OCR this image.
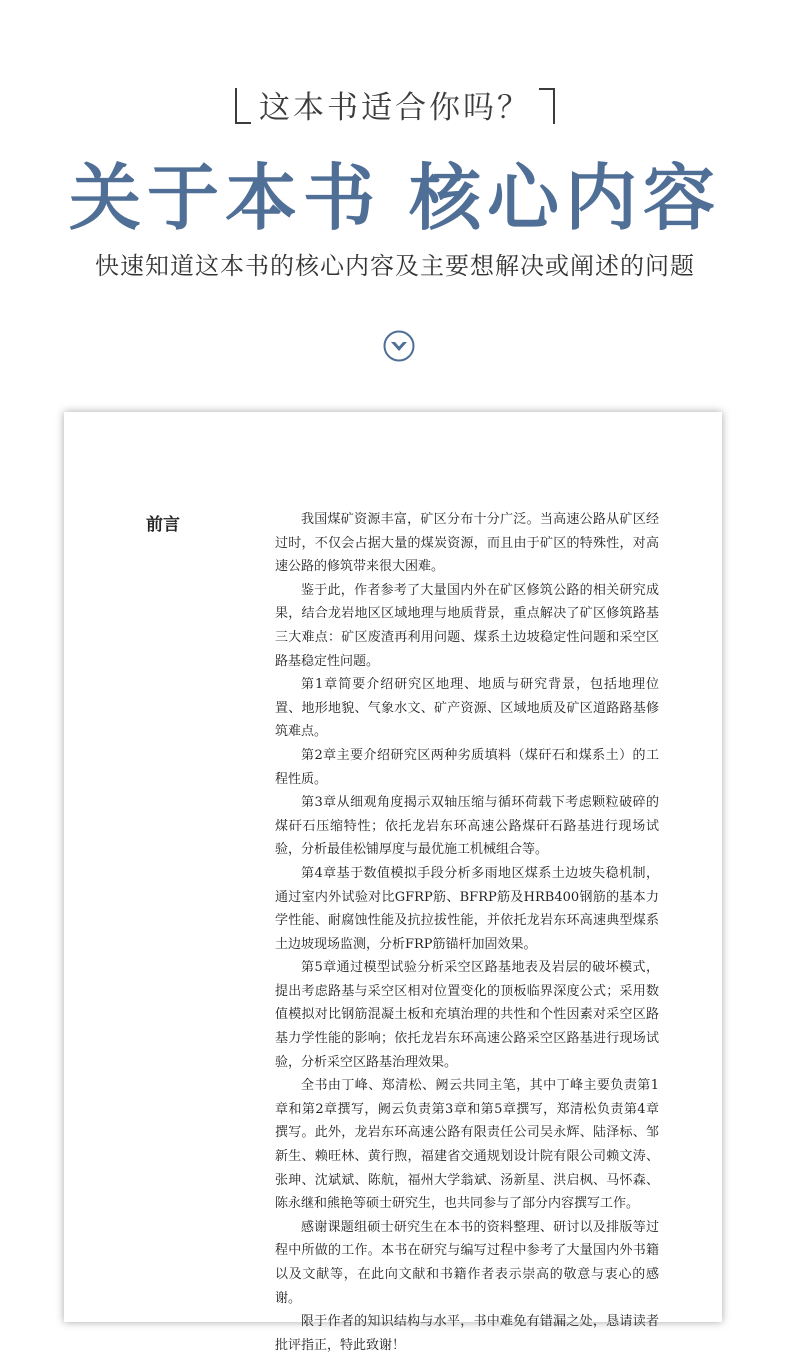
这本书适合你吗？
关于本书 核心内容
快速知道这本书的核心内容及主要想解决或阐述的问题
前言	我国煤矿资源丰富，矿区分布十分广泛。当高速公路从矿区经过时，不仅会占据大量的煤炭资源，而且由于矿区的特殊性，对高速公路的修筑带来很大困难。

鉴于此，作者参考了大量国内外在矿区修筑公路的相关研究成果，结合龙岩地区区域地理与地质背景，重点解决了矿区修筑路基三大难点：矿区废渣再利用问题、煤系土边坡稳定性问题和采空区路基稳定性问题。

第1章简要介绍研究区地理、地质与研究背景，包括地理位置、地形地貌、气象水文、矿产资源、区域地质及矿区道路路基修筑难点。

第2章主要介绍研究区两种劣质填料（煤矸石和煤系土）的工程性质。

第3章从细观角度揭示双轴压缩与循环荷载下考虑颗粒破碎的煤矸石压缩特性；依托龙岩东环高速公路煤矸石路基进行现场试验，分析最佳松铺厚度与最优施工机械组合等。

第4章基于数值模拟手段分析多雨地区煤系土边坡失稳机制，通过室内外试验对比GFRP筋、BFRP筋及HRB400钢筋的基本力学性能、耐腐蚀性能及抗拉拔性能，并依托龙岩东环高速典型煤系土边坡现场监测，分析FRP筋锚杆加固效果。

第5章通过模型试验分析采空区路基地表及岩层的破坏模式，提出考虑路基与采空区相对位置变化的顶板临界深度公式；采用数值模拟对比钢筋混凝土板和充填治理的共性和个性因素对采空区路基力学性能的影响；依托龙岩东环高速公路采空区路基进行现场试验，分析采空区路基治理效果。

全书由丁峰、郑清松、阙云共同主笔，其中丁峰主要负责第1章和第2章撰写，阙云负责第3章和第5章撰写，郑清松负责第4章撰写。此外，龙岩东环高速公路有限责任公司吴永辉、陆泽标、邹新生、赖旺林、黄行煦，福建省交通规划设计院有限公司赖文涛、张珅、沈斌斌、陈航，福州大学翁斌、汤新星、洪启枫、马怀森、陈永继和熊艳等硕士研究生，也共同参与了部分内容撰写工作。

感谢课题组硕士研究生在本书的资料整理、研讨以及排版等过程中所做的工作。本书在研究与编写过程中参考了大量国内外书籍以及文献等，在此向文献和书籍作者表示崇高的敬意与衷心的感谢。

限于作者的知识结构与水平，书中难免有错漏之处，恳请读者批评指正，特此致谢！
